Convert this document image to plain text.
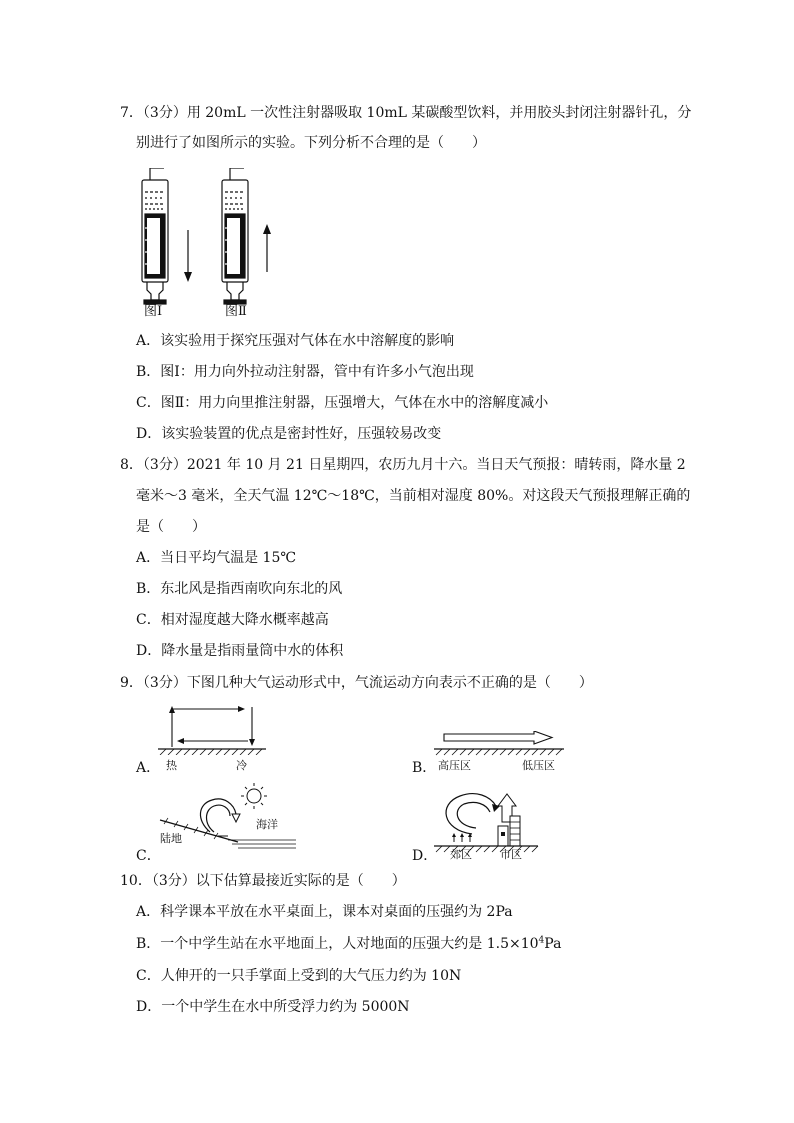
7．（3分）用 20mL 一次性注射器吸取 10mL 某碳酸型饮料，并用胶头封闭注射器针孔，分
别进行了如图所示的实验。下列分析不合理的是（　　）
图Ⅰ	图Ⅱ
A．该实验用于探究压强对气体在水中溶解度的影响
B．图Ⅰ：用力向外拉动注射器，管中有许多小气泡出现
C．图Ⅱ：用力向里推注射器，压强增大，气体在水中的溶解度减小
D．该实验装置的优点是密封性好，压强较易改变
8．（3分）2021 年 10 月 21 日星期四，农历九月十六。当日天气预报：晴转雨，降水量 2
毫米～3 毫米，全天气温 12℃～18℃，当前相对湿度 80%。对这段天气预报理解正确的
是（　　）
A．当日平均气温是 15℃
B．东北风是指西南吹向东北的风
C．相对湿度越大降水概率越高
D．降水量是指雨量筒中水的体积
9．（3分）下图几种大气运动形式中，气流运动方向表示不正确的是（　　）
A． 热	冷	B． 高压区	低压区
C．
陆地
海洋
D． 郊区	市区
10．（3分）以下估算最接近实际的是（　　）
A．科学课本平放在水平桌面上，课本对桌面的压强约为 2Pa
B．一个中学生站在水平地面上，人对地面的压强大约是 $1.5\times 10^4Pa$
C．人伸开的一只手掌面上受到的大气压力约为 10N
D．一个中学生在水中所受浮力约为 5000N
